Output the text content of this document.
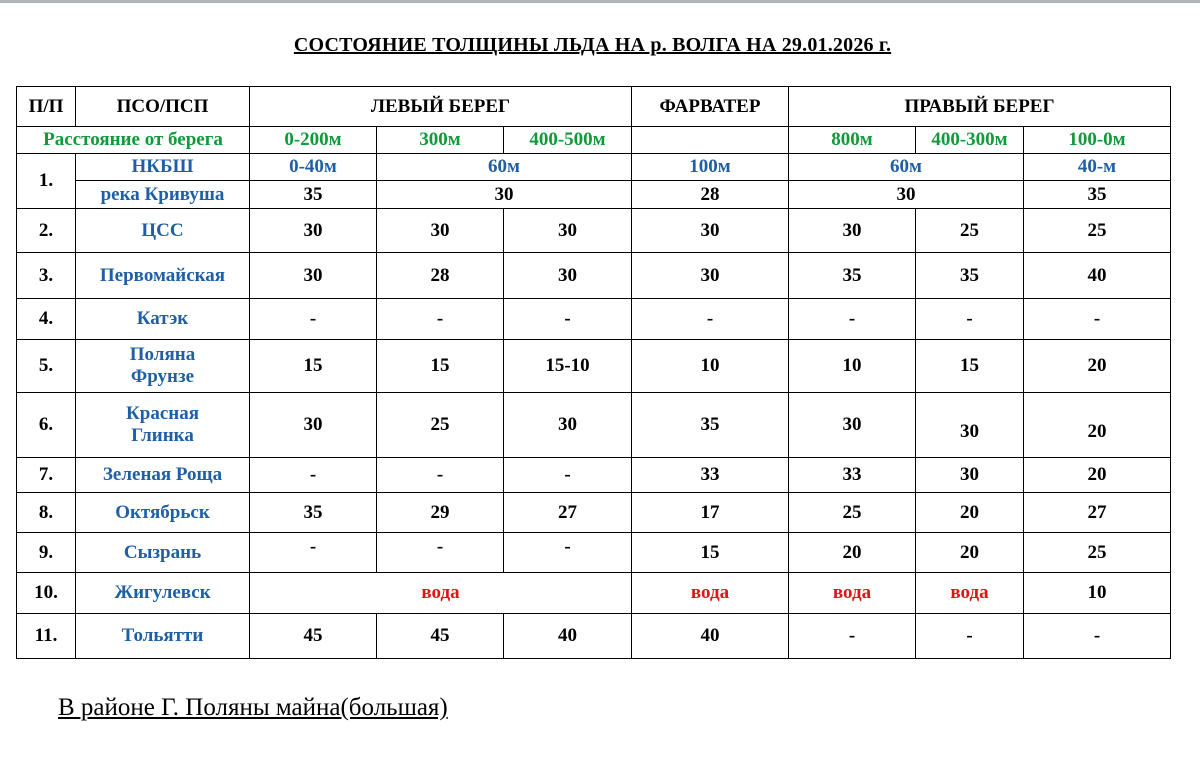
СОСТОЯНИЕ ТОЛЩИНЫ ЛЬДА НА р. ВОЛГА НА 29.01.2026 г.
П/П	ПСО/ПСП	ЛЕВЫЙ БЕРЕГ			ФАРВАТЕР	ПРАВЫЙ БЕРЕГ		
Расстояние от берега		0-200м	300м	400-500м		800м	400-300м	100-0м
1.	НКБШ	0-40м	60м		100м	60м		40-м
	река Кривуша	35	30		28	30		35
2.	ЦСС	30	30	30	30	30	25	25
3.	Первомайская	30	28	30	30	35	35	40
4.	Катэк	-	-	-	-	-	-	-
5.	Поляна Фрунзе	15	15	15-10	10	10	15	20
6.	Красная Глинка	30	25	30	35	30	30	20
7.	Зеленая Роща	-	-	-	33	33	30	20
8.	Октябрьск	35	29	27	17	25	20	27
9.	Сызрань	-	-	-	15	20	20	25
10.	Жигулевск	вода			вода	вода	вода	10
11.	Тольятти	45	45	40	40	-	-	-
В районе Г. Поляны майна(большая)
